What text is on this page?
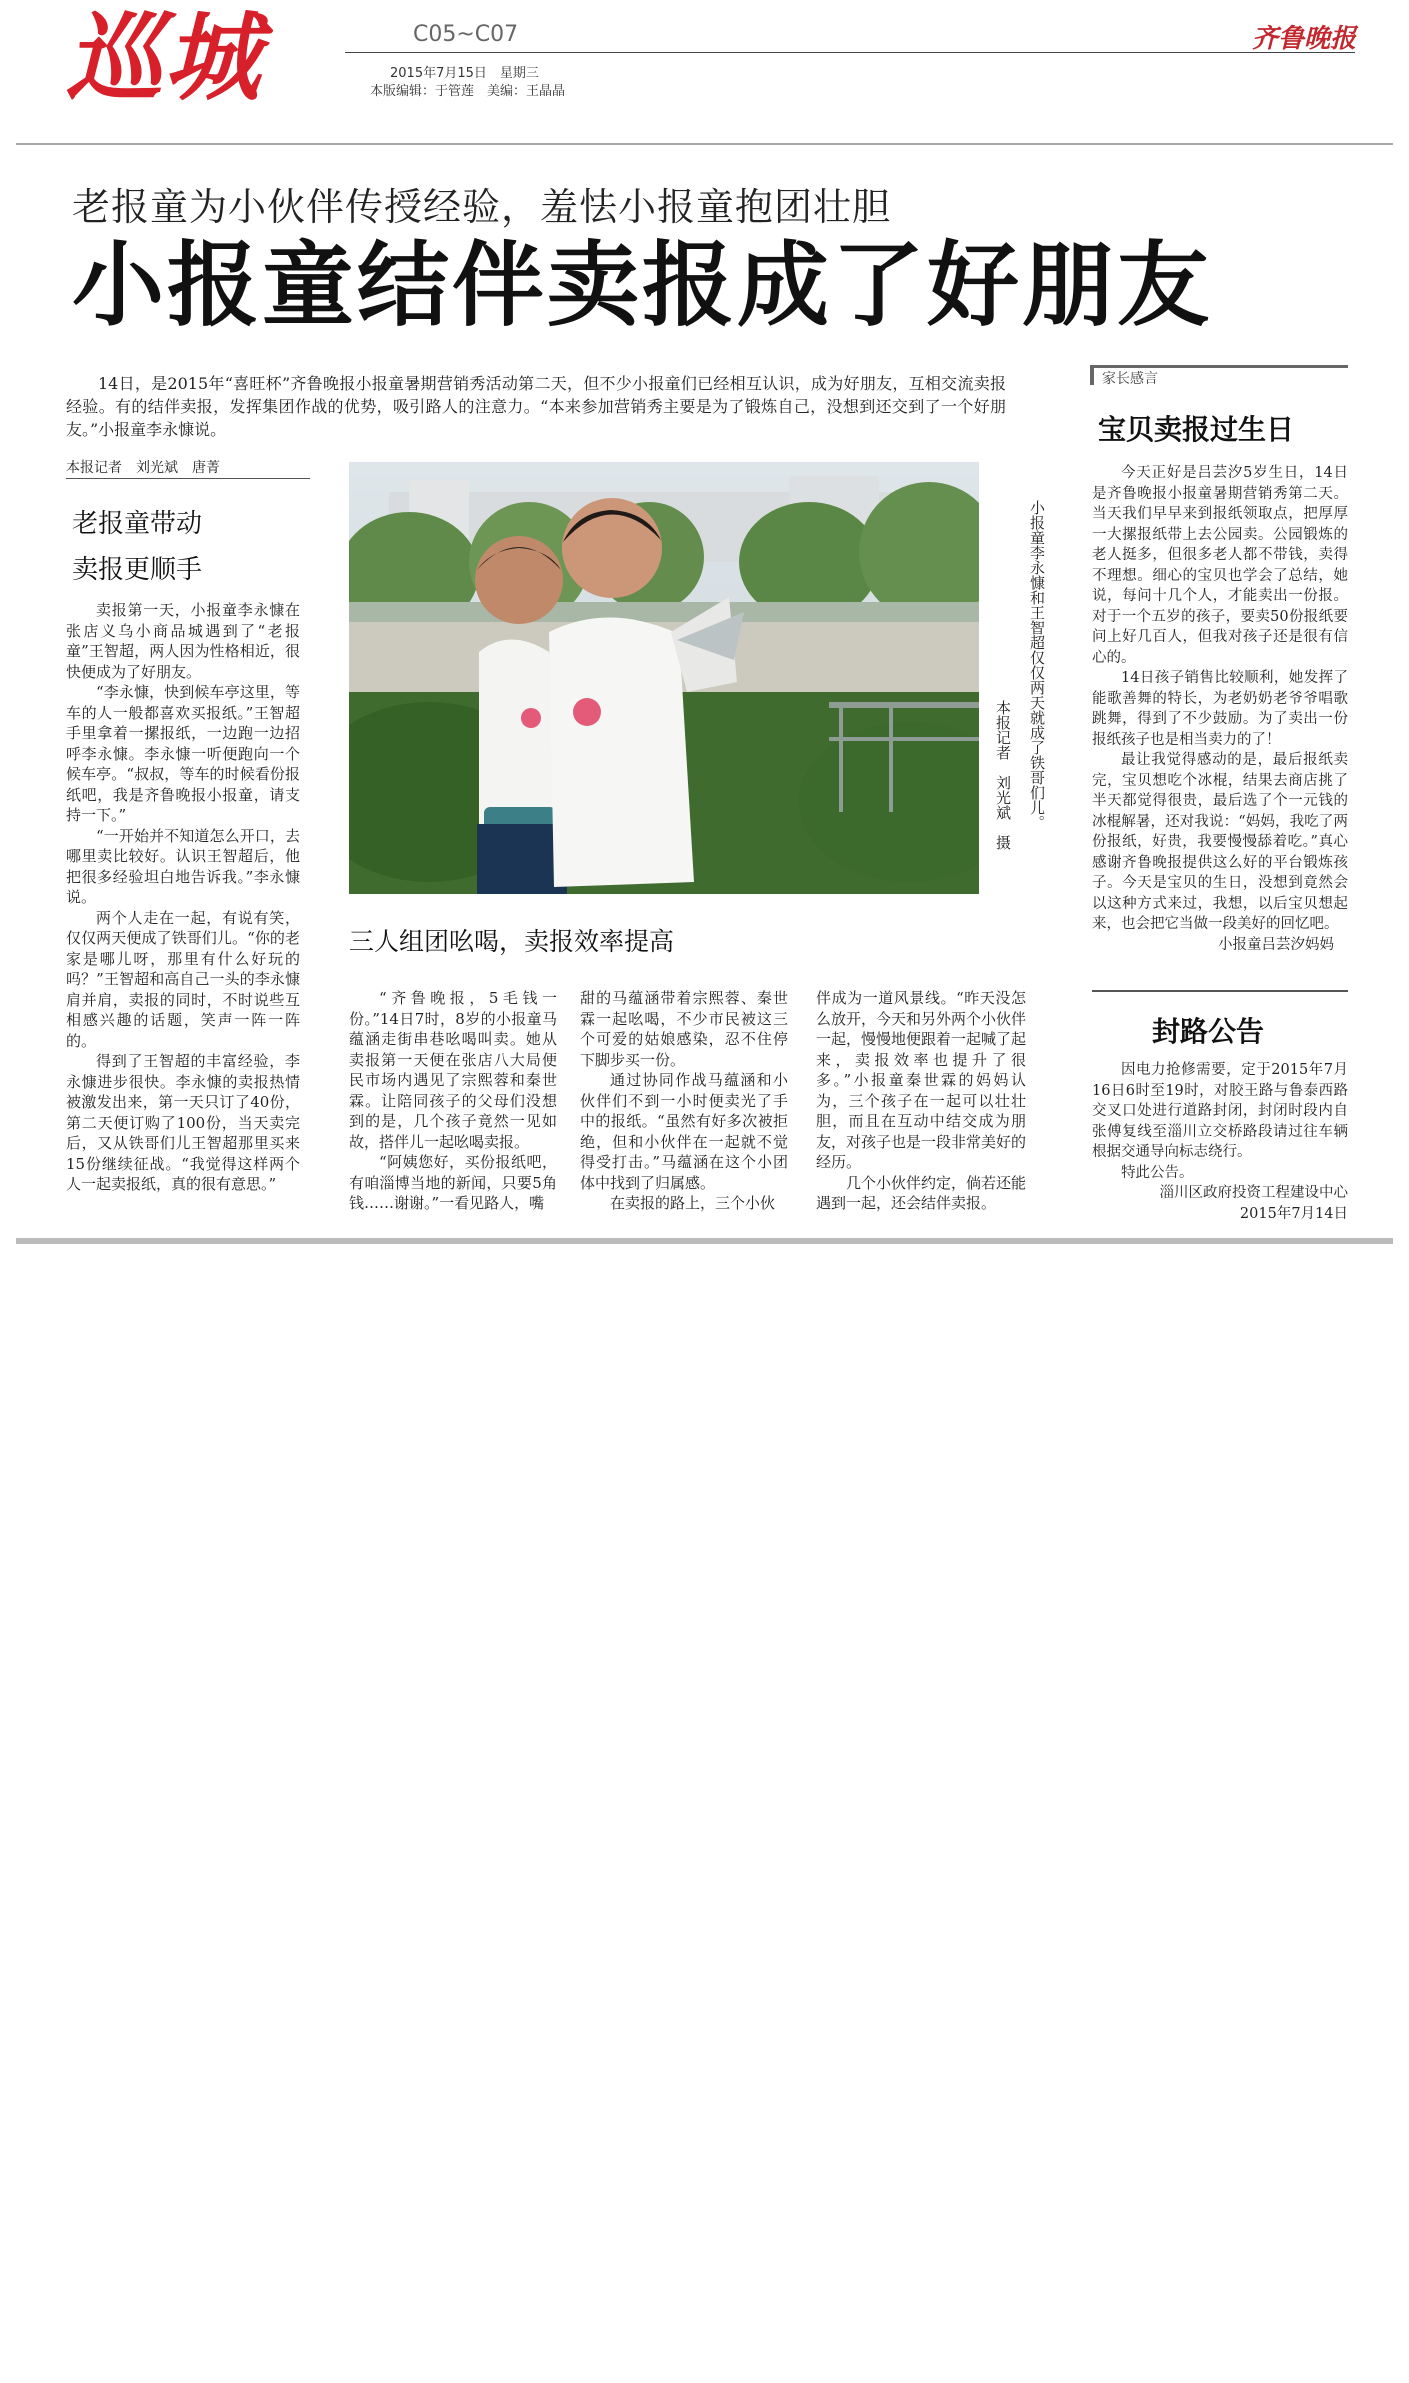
巡城	C05~C07
2015年7月15日　星期三
本版编辑：于管莲　美编：王晶晶
齐鲁晚报
老报童为小伙伴传授经验，羞怯小报童抱团壮胆
小报童结伴卖报成了好朋友

14日，是2015年“喜旺杯”齐鲁晚报小报童暑期营销秀活动第二天，但不少小报童们已经相互认识，成为好朋友，互相交流卖报经验。有的结伴卖报，发挥集团作战的优势，吸引路人的注意力。“本来参加营销秀主要是为了锻炼自己，没想到还交到了一个好朋友。”小报童李永慷说。

本报记者　刘光斌　唐菁
老报童带动
卖报更顺手

卖报第一天，小报童李永慷在张店义乌小商品城遇到了“老报童”王智超，两人因为性格相近，很快便成为了好朋友。

“李永慷，快到候车亭这里，等车的人一般都喜欢买报纸。”王智超手里拿着一摞报纸，一边跑一边招呼李永慷。李永慷一听便跑向一个候车亭。“叔叔，等车的时候看份报纸吧，我是齐鲁晚报小报童，请支持一下。”

“一开始并不知道怎么开口，去哪里卖比较好。认识王智超后，他把很多经验坦白地告诉我。”李永慷说。

两个人走在一起，有说有笑，仅仅两天便成了铁哥们儿。“你的老家是哪儿呀，那里有什么好玩的吗？”王智超和高自己一头的李永慷肩并肩，卖报的同时，不时说些互相感兴趣的话题，笑声一阵一阵的。

得到了王智超的丰富经验，李永慷进步很快。李永慷的卖报热情被激发出来，第一天只订了40份，第二天便订购了100份，当天卖完后，又从铁哥们儿王智超那里买来15份继续征战。“我觉得这样两个人一起卖报纸，真的很有意思。”

小报童李永慷和王智超仅仅两天就成了铁哥们儿。
本报记者　刘光斌　摄
三人组团吆喝，卖报效率提高

“齐鲁晚报，5毛钱一份。”14日7时，8岁的小报童马蕴涵走街串巷吆喝叫卖。她从卖报第一天便在张店八大局便民市场内遇见了宗熙蓉和秦世霖。让陪同孩子的父母们没想到的是，几个孩子竟然一见如故，搭伴儿一起吆喝卖报。

“阿姨您好，买份报纸吧，有咱淄博当地的新闻，只要5角钱……谢谢。”一看见路人，嘴

甜的马蕴涵带着宗熙蓉、秦世霖一起吆喝，不少市民被这三个可爱的姑娘感染，忍不住停下脚步买一份。

通过协同作战马蕴涵和小伙伴们不到一小时便卖光了手中的报纸。“虽然有好多次被拒绝，但和小伙伴在一起就不觉得受打击。”马蕴涵在这个小团体中找到了归属感。

在卖报的路上，三个小伙

伴成为一道风景线。“昨天没怎么放开，今天和另外两个小伙伴一起，慢慢地便跟着一起喊了起来，卖报效率也提升了很多。”小报童秦世霖的妈妈认为，三个孩子在一起可以壮壮胆，而且在互动中结交成为朋友，对孩子也是一段非常美好的经历。

几个小伙伴约定，倘若还能遇到一起，还会结伴卖报。

家长感言
宝贝卖报过生日

今天正好是吕芸汐5岁生日，14日是齐鲁晚报小报童暑期营销秀第二天。当天我们早早来到报纸领取点，把厚厚一大摞报纸带上去公园卖。公园锻炼的老人挺多，但很多老人都不带钱，卖得不理想。细心的宝贝也学会了总结，她说，每问十几个人，才能卖出一份报。对于一个五岁的孩子，要卖50份报纸要问上好几百人，但我对孩子还是很有信心的。

14日孩子销售比较顺利，她发挥了能歌善舞的特长，为老奶奶老爷爷唱歌跳舞，得到了不少鼓励。为了卖出一份报纸孩子也是相当卖力的了！

最让我觉得感动的是，最后报纸卖完，宝贝想吃个冰棍，结果去商店挑了半天都觉得很贵，最后选了个一元钱的冰棍解暑，还对我说：“妈妈，我吃了两份报纸，好贵，我要慢慢舔着吃。”真心感谢齐鲁晚报提供这么好的平台锻炼孩子。今天是宝贝的生日，没想到竟然会以这种方式来过，我想，以后宝贝想起来，也会把它当做一段美好的回忆吧。

小报童吕芸汐妈妈

封路公告

因电力抢修需要，定于2015年7月16日6时至19时，对胶王路与鲁泰西路交叉口处进行道路封闭，封闭时段内自张傅复线至淄川立交桥路段请过往车辆根据交通导向标志绕行。

特此公告。

淄川区政府投资工程建设中心

2015年7月14日
